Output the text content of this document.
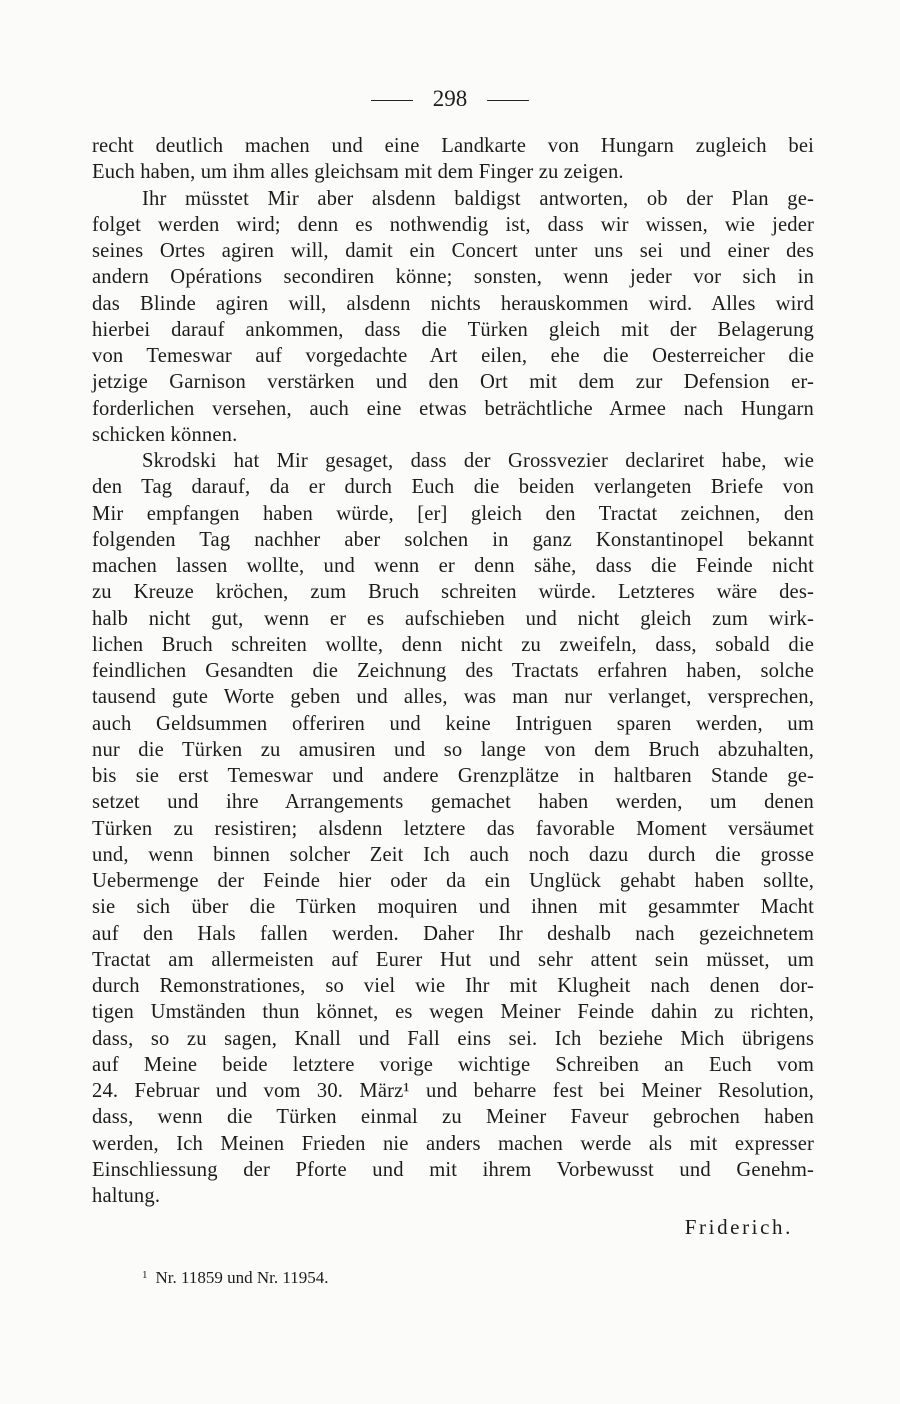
298
recht deutlich machen und eine Landkarte von Hungarn zugleich bei
Euch haben, um ihm alles gleichsam mit dem Finger zu zeigen.
Ihr müsstet Mir aber alsdenn baldigst antworten, ob der Plan ge-
folget werden wird; denn es nothwendig ist, dass wir wissen, wie jeder
seines Ortes agiren will, damit ein Concert unter uns sei und einer des
andern Opérations secondiren könne; sonsten, wenn jeder vor sich in
das Blinde agiren will, alsdenn nichts herauskommen wird. Alles wird
hierbei darauf ankommen, dass die Türken gleich mit der Belagerung
von Temeswar auf vorgedachte Art eilen, ehe die Oesterreicher die
jetzige Garnison verstärken und den Ort mit dem zur Defension er-
forderlichen versehen, auch eine etwas beträchtliche Armee nach Hungarn
schicken können.
Skrodski hat Mir gesaget, dass der Grossvezier declariret habe, wie
den Tag darauf, da er durch Euch die beiden verlangeten Briefe von
Mir empfangen haben würde, [er] gleich den Tractat zeichnen, den
folgenden Tag nachher aber solchen in ganz Konstantinopel bekannt
machen lassen wollte, und wenn er denn sähe, dass die Feinde nicht
zu Kreuze kröchen, zum Bruch schreiten würde. Letzteres wäre des-
halb nicht gut, wenn er es aufschieben und nicht gleich zum wirk-
lichen Bruch schreiten wollte, denn nicht zu zweifeln, dass, sobald die
feindlichen Gesandten die Zeichnung des Tractats erfahren haben, solche
tausend gute Worte geben und alles, was man nur verlanget, versprechen,
auch Geldsummen offeriren und keine Intriguen sparen werden, um
nur die Türken zu amusiren und so lange von dem Bruch abzuhalten,
bis sie erst Temeswar und andere Grenzplätze in haltbaren Stande ge-
setzet und ihre Arrangements gemachet haben werden, um denen
Türken zu resistiren; alsdenn letztere das favorable Moment versäumet
und, wenn binnen solcher Zeit Ich auch noch dazu durch die grosse
Uebermenge der Feinde hier oder da ein Unglück gehabt haben sollte,
sie sich über die Türken moquiren und ihnen mit gesammter Macht
auf den Hals fallen werden. Daher Ihr deshalb nach gezeichnetem
Tractat am allermeisten auf Eurer Hut und sehr attent sein müsset, um
durch Remonstrationes, so viel wie Ihr mit Klugheit nach denen dor-
tigen Umständen thun könnet, es wegen Meiner Feinde dahin zu richten,
dass, so zu sagen, Knall und Fall eins sei. Ich beziehe Mich übrigens
auf Meine beide letztere vorige wichtige Schreiben an Euch vom
24. Februar und vom 30. März¹ und beharre fest bei Meiner Resolution,
dass, wenn die Türken einmal zu Meiner Faveur gebrochen haben
werden, Ich Meinen Frieden nie anders machen werde als mit expresser
Einschliessung der Pforte und mit ihrem Vorbewusst und Genehm-
haltung.
Friderich.
$^1$ Nr. 11859 und Nr. 11954.
